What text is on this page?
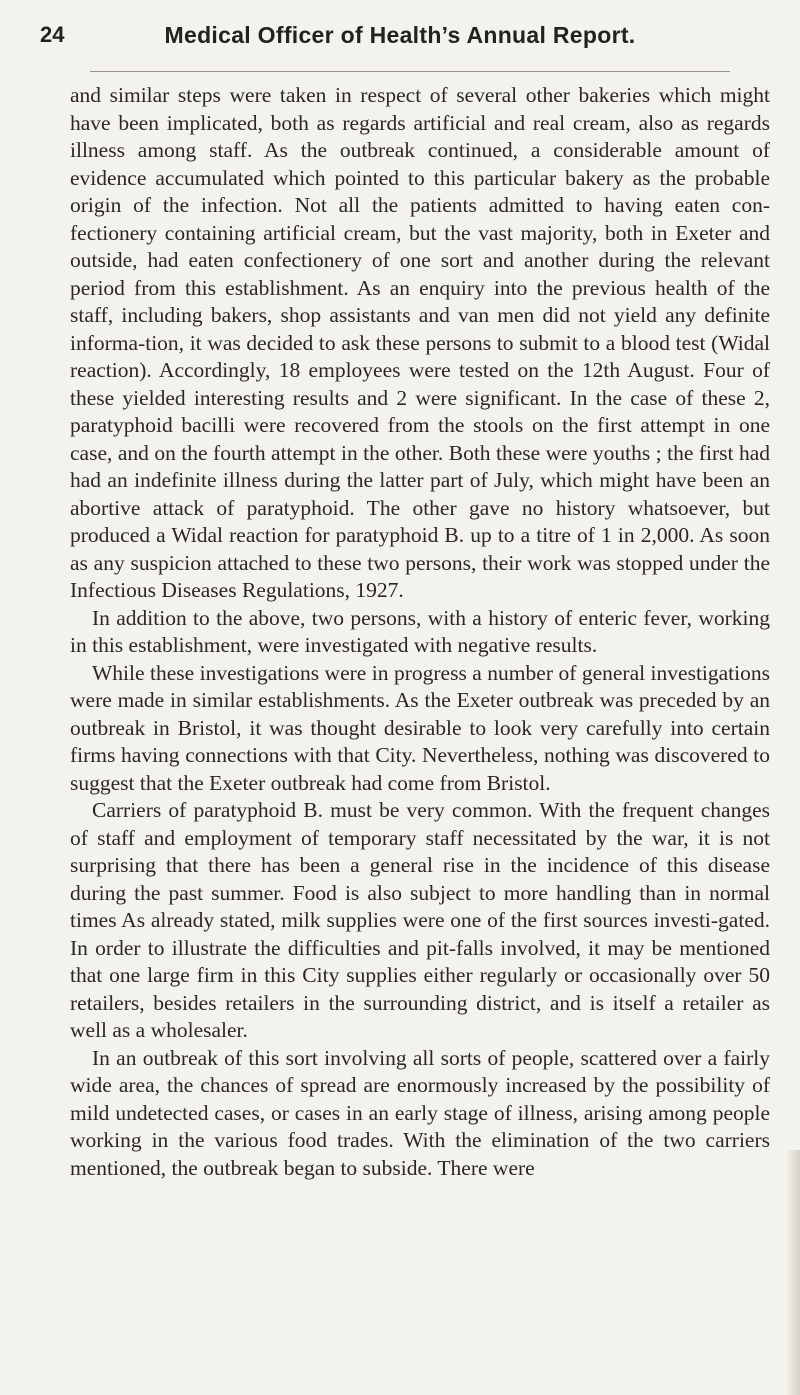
24	Medical Officer of Health’s Annual Report.

and similar steps were taken in respect of several other bakeries which might have been implicated, both as regards artificial and real cream, also as regards illness among staff. As the outbreak continued, a considerable amount of evidence accumulated which pointed to this particular bakery as the probable origin of the infection. Not all the patients admitted to having eaten con-fectionery containing artificial cream, but the vast majority, both in Exeter and outside, had eaten confectionery of one sort and another during the relevant period from this establishment. As an enquiry into the previous health of the staff, including bakers, shop assistants and van men did not yield any definite informa-tion, it was decided to ask these persons to submit to a blood test (Widal reaction). Accordingly, 18 employees were tested on the 12th August. Four of these yielded interesting results and 2 were significant. In the case of these 2, paratyphoid bacilli were recovered from the stools on the first attempt in one case, and on the fourth attempt in the other. Both these were youths ; the first had had an indefinite illness during the latter part of July, which might have been an abortive attack of paratyphoid. The other gave no history whatsoever, but produced a Widal reaction for paratyphoid B. up to a titre of 1 in 2,000. As soon as any suspicion attached to these two persons, their work was stopped under the Infectious Diseases Regulations, 1927.

In addition to the above, two persons, with a history of enteric fever, working in this establishment, were investigated with negative results.

While these investigations were in progress a number of general investigations were made in similar establishments. As the Exeter outbreak was preceded by an outbreak in Bristol, it was thought desirable to look very carefully into certain firms having connections with that City. Nevertheless, nothing was discovered to suggest that the Exeter outbreak had come from Bristol.

Carriers of paratyphoid B. must be very common. With the frequent changes of staff and employment of temporary staff necessitated by the war, it is not surprising that there has been a general rise in the incidence of this disease during the past summer. Food is also subject to more handling than in normal times As already stated, milk supplies were one of the first sources investi-gated. In order to illustrate the difficulties and pit-falls involved, it may be mentioned that one large firm in this City supplies either regularly or occasionally over 50 retailers, besides retailers in the surrounding district, and is itself a retailer as well as a wholesaler.

In an outbreak of this sort involving all sorts of people, scattered over a fairly wide area, the chances of spread are enormously increased by the possibility of mild undetected cases, or cases in an early stage of illness, arising among people working in the various food trades. With the elimination of the two carriers mentioned, the outbreak began to subside. There were
